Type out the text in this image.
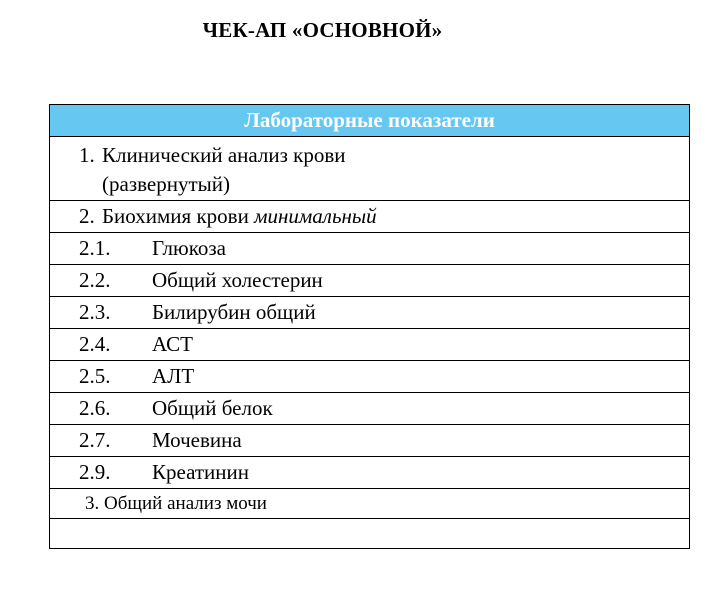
ЧЕК-АП «ОСНОВНОЙ»
Лабораторные показатели

1. Клинический анализ крови
(развернутый)

2. Биохимия крови минимальный

2.1.	Глюкоза

2.2.	Общий холестерин

2.3.	Билирубин общий

2.4.	АСТ

2.5.	АЛТ

2.6.	Общий белок

2.7.	Мочевина

2.9.	Креатинин

3. Общий анализ мочи
